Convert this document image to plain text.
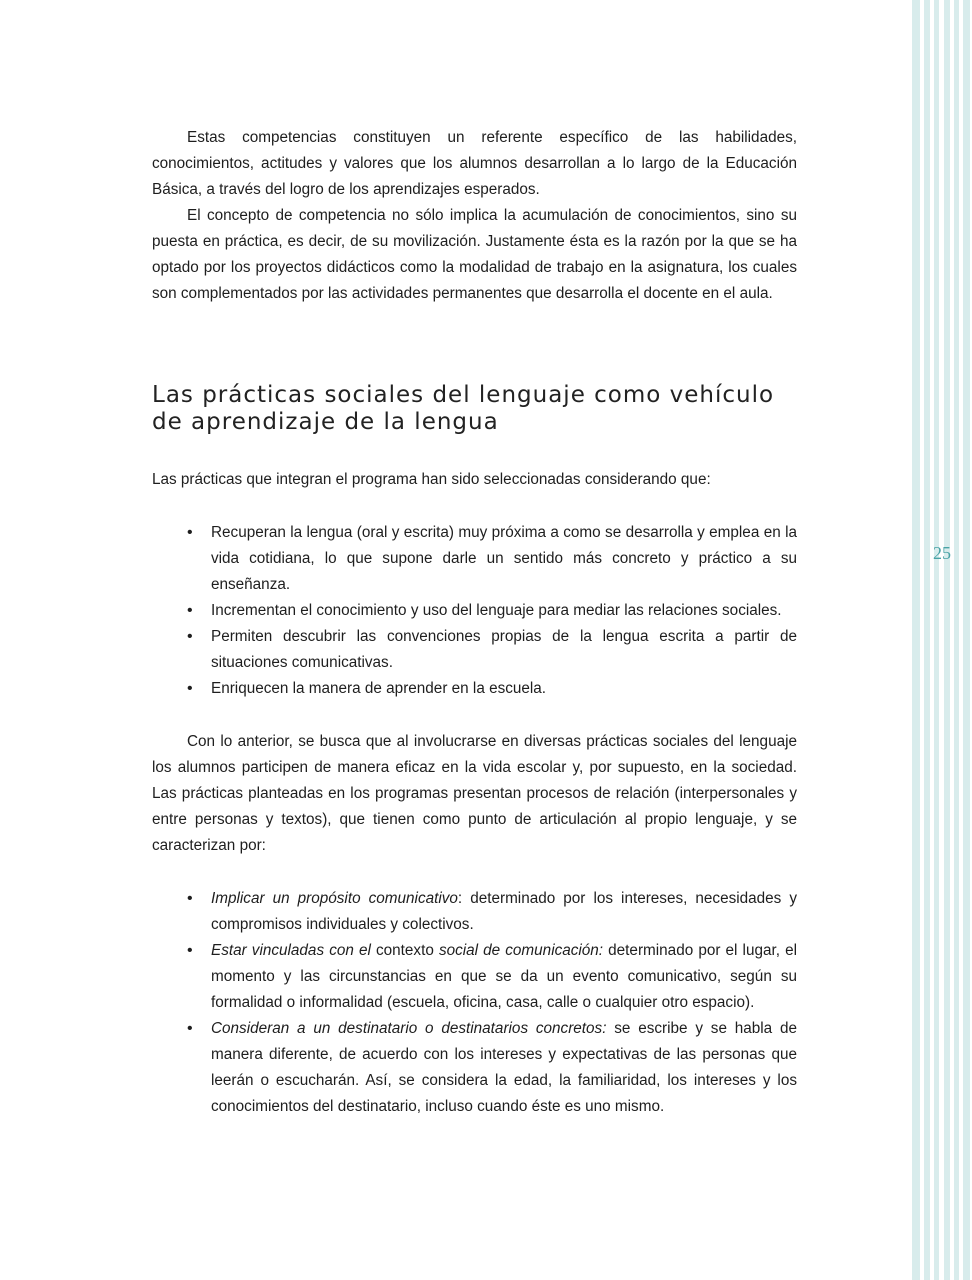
25

Estas competencias constituyen un referente específico de las habilidades, conocimientos, actitudes y valores que los alumnos desarrollan a lo largo de la Educación Básica, a través del logro de los aprendizajes esperados.

El concepto de competencia no sólo implica la acumulación de conocimientos, sino su puesta en práctica, es decir, de su movilización. Justamente ésta es la razón por la que se ha optado por los proyectos didácticos como la modalidad de trabajo en la asignatura, los cuales son complementados por las actividades permanentes que desarrolla el docente en el aula.

Las prácticas sociales del lenguaje como vehículo
de aprendizaje de la lengua

Las prácticas que integran el programa han sido seleccionadas considerando que:

• Recuperan la lengua (oral y escrita) muy próxima a como se desarrolla y emplea en la vida cotidiana, lo que supone darle un sentido más concreto y práctico a su enseñanza.
• Incrementan el conocimiento y uso del lenguaje para mediar las relaciones sociales.
• Permiten descubrir las convenciones propias de la lengua escrita a partir de situaciones comunicativas.
• Enriquecen la manera de aprender en la escuela.

Con lo anterior, se busca que al involucrarse en diversas prácticas sociales del lenguaje los alumnos participen de manera eficaz en la vida escolar y, por supuesto, en la sociedad. Las prácticas planteadas en los programas presentan procesos de relación (interpersonales y entre personas y textos), que tienen como punto de articulación al propio lenguaje, y se caracterizan por:

• Implicar un propósito comunicativo: determinado por los intereses, necesidades y compromisos individuales y colectivos.
• Estar vinculadas con el contexto social de comunicación: determinado por el lugar, el momento y las circunstancias en que se da un evento comunicativo, según su formalidad o informalidad (escuela, oficina, casa, calle o cualquier otro espacio).
• Consideran a un destinatario o destinatarios concretos: se escribe y se habla de manera diferente, de acuerdo con los intereses y expectativas de las personas que leerán o escucharán. Así, se considera la edad, la familiaridad, los intereses y los conocimientos del destinatario, incluso cuando éste es uno mismo.
